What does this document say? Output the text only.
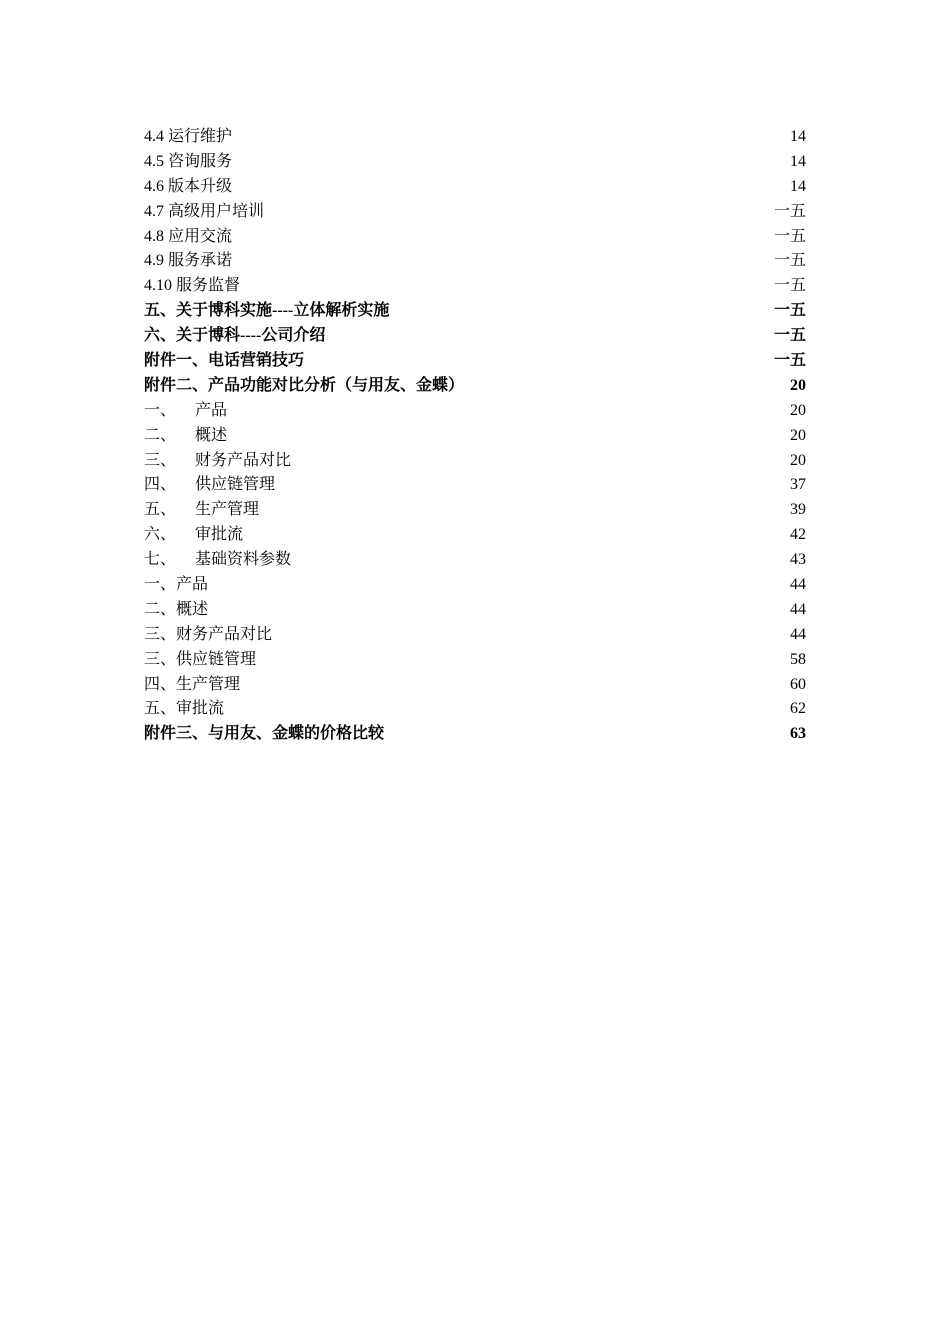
4.4 运行维护	14
4.5 咨询服务	14
4.6 版本升级	14
4.7 高级用户培训	一五
4.8 应用交流	一五
4.9 服务承诺	一五
4.10 服务监督	一五
五、关于博科实施----立体解析实施	一五
六、关于博科----公司介绍	一五
附件一、电话营销技巧	一五
附件二、产品功能对比分析（与用友、金蝶）	20
一、	产品	20
二、	概述	20
三、	财务产品对比	20
四、	供应链管理	37
五、	生产管理	39
六、	审批流	42
七、	基础资料参数	43
一、产品	44
二、概述	44
三、财务产品对比	44
三、供应链管理	58
四、生产管理	60
五、审批流	62
附件三、与用友、金蝶的价格比较	63
